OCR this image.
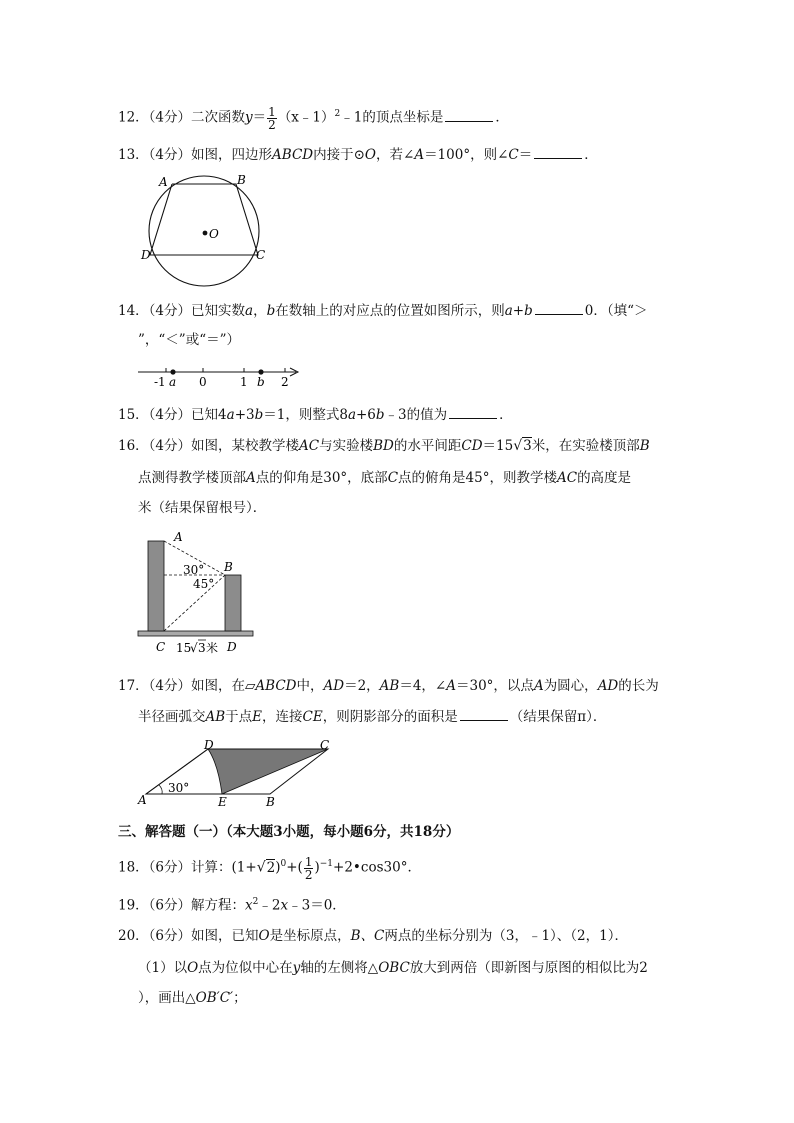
12．（4分）二次函数$y= \frac{1}{2}$ （x﹣1）$^2$﹣1的顶点坐标是	．
13．（4分）如图，四边形ABCD内接于⊙O，若∠A＝100°，则∠C＝	．
A	B
C
D
O
14．（4分）已知实数a，b在数轴上的对应点的位置如图所示，则a+b	0．（填“＞
”，“＜”或“＝”）
-1 a 0	1 b 2
15．（4分）已知4a+3b＝1，则整式8a+6b﹣3的值为	．
16．（4分）如图，某校教学楼AC与实验楼BD的水平间距CD＝15√3米，在实验楼顶部B
点测得教学楼顶部A点的仰角是30°，底部C点的俯角是45°，则教学楼AC的高度是
米（结果保留根号）．
A
B
C	D
30°
45°
15
√ 3 米
17．（4分）如图，在▱ABCD中，AD＝2，AB＝4，∠A＝30°，以点A为圆心，AD的长为
半径画弧交AB于点E，连接CE，则阴影部分的面积是	（结果保留π）．
A	B
C
D
E
30°
三、解答题（一）（本大题3小题，每小题6分，共18分）
18．（6分）计算：$(1+√2)^0+( \frac{1}{2}$ )$^{-1}+2•\cos 30^\circ$．
19．（6分）解方程：$x^2﹣2x﹣3=0$．
20．（6分）如图，已知O是坐标原点，B、C两点的坐标分别为（3，﹣1）、（2，1）．
（1）以O点为位似中心在y轴的左侧将△OBC放大到两倍（即新图与原图的相似比为2
），画出△OB′C′；
